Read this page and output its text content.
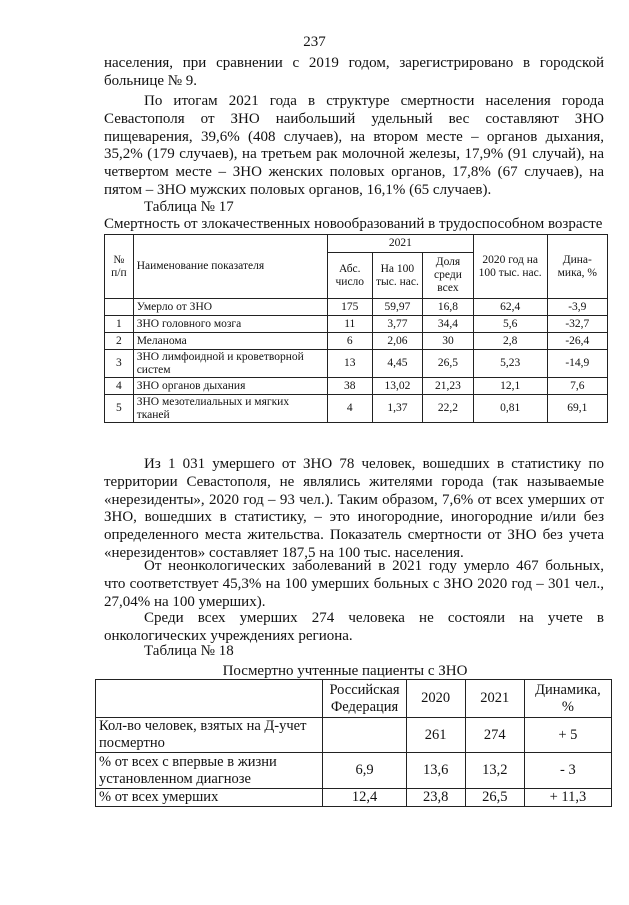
237

населения, при сравнении с 2019 годом, зарегистрировано в городской больнице № 9.

По итогам 2021 года в структуре смертности населения города Севастополя от ЗНО наибольший удельный вес составляют ЗНО пищеварения, 39,6% (408 случаев), на втором месте – органов дыхания, 35,2% (179 случаев), на третьем рак молочной железы, 17,9% (91 случай), на четвертом месте – ЗНО женских половых органов, 17,8% (67 случаев), на пятом – ЗНО мужских половых органов, 16,1% (65 случаев).

Таблица № 17
Смертность от злокачественных новообразований в трудоспособном возрасте
№ п/п	Наименование показателя	2021			2020 год на 100 тыс. нас.	Дина-мика, %
		Абс. число	На 100 тыс. нас.	Доля среди всех		
	Умерло от ЗНО	175	59,97	16,8	62,4	-3,9
1	ЗНО головного мозга	11	3,77	34,4	5,6	-32,7
2	Меланома	6	2,06	30	2,8	-26,4
3	ЗНО лимфоидной и кроветворной систем	13	4,45	26,5	5,23	-14,9
4	ЗНО органов дыхания	38	13,02	21,23	12,1	7,6
5	ЗНО мезотелиальных и мягких тканей	4	1,37	22,2	0,81	69,1

Из 1 031 умершего от ЗНО 78 человек, вошедших в статистику по территории Севастополя, не являлись жителями города (так называемые «нерезиденты», 2020 год – 93 чел.). Таким образом, 7,6% от всех умерших от ЗНО, вошедших в статистику, – это иногородние, иногородние и/или без определенного места жительства. Показатель смертности от ЗНО без учета «нерезидентов» составляет 187,5 на 100 тыс. населения.

От неонкологических заболеваний в 2021 году умерло 467 больных, что соответствует 45,3% на 100 умерших больных с ЗНО 2020 год – 301 чел., 27,04% на 100 умерших).

Среди всех умерших 274 человека не состояли на учете в онкологических учреждениях региона.

Таблица № 18
Посмертно учтенные пациенты с ЗНО
	Российская Федерация	2020	2021	Динамика, %
Кол-во человек, взятых на Д-учет посмертно		261	274	+ 5
% от всех с впервые в жизни установленном диагнозе	6,9	13,6	13,2	- 3
% от всех умерших	12,4	23,8	26,5	+ 11,3
